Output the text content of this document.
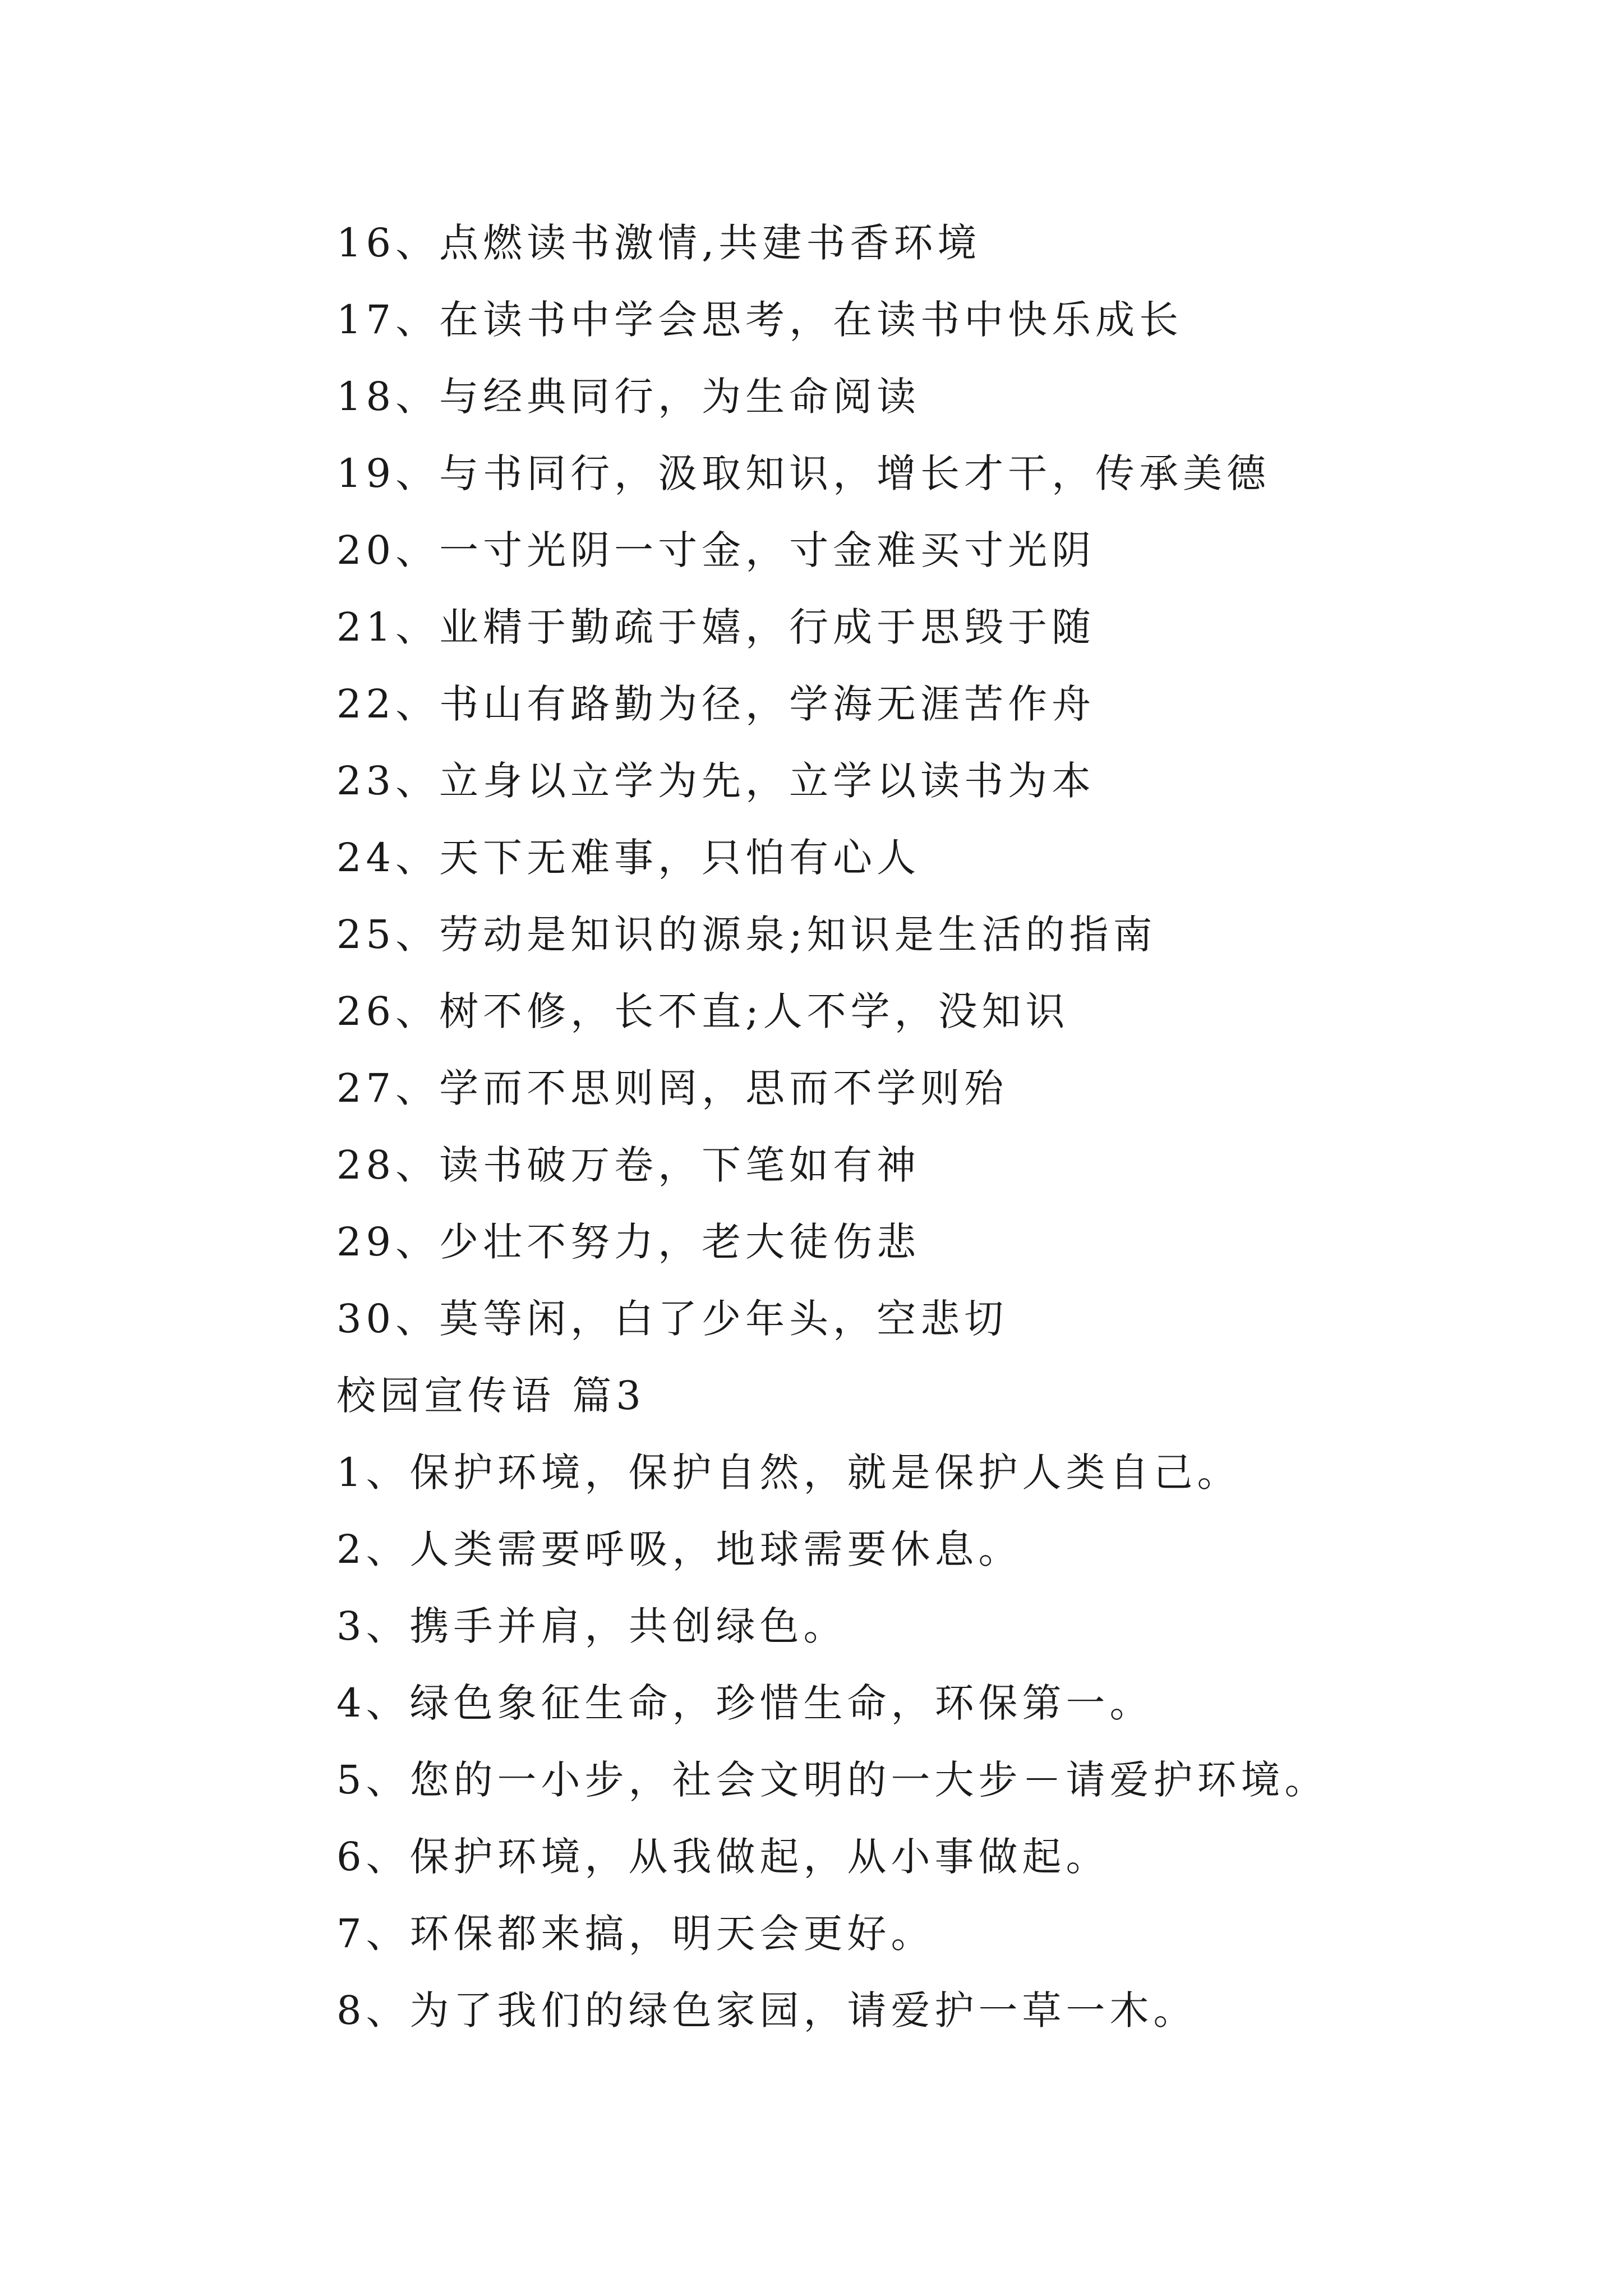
16、点燃读书激情,共建书香环境
17、在读书中学会思考，在读书中快乐成长
18、与经典同行，为生命阅读
19、与书同行，汲取知识，增长才干，传承美德
20、一寸光阴一寸金，寸金难买寸光阴
21、业精于勤疏于嬉，行成于思毁于随
22、书山有路勤为径，学海无涯苦作舟
23、立身以立学为先，立学以读书为本
24、天下无难事，只怕有心人
25、劳动是知识的源泉;知识是生活的指南
26、树不修，长不直;人不学，没知识
27、学而不思则罔，思而不学则殆
28、读书破万卷，下笔如有神
29、少壮不努力，老大徒伤悲
30、莫等闲，白了少年头，空悲切
校园宣传语 篇3
1、保护环境，保护自然，就是保护人类自己。
2、人类需要呼吸，地球需要休息。
3、携手并肩，共创绿色。
4、绿色象征生命，珍惜生命，环保第一。
5、您的一小步，社会文明的一大步－请爱护环境。
6、保护环境，从我做起，从小事做起。
7、环保都来搞，明天会更好。
8、为了我们的绿色家园，请爱护一草一木。
